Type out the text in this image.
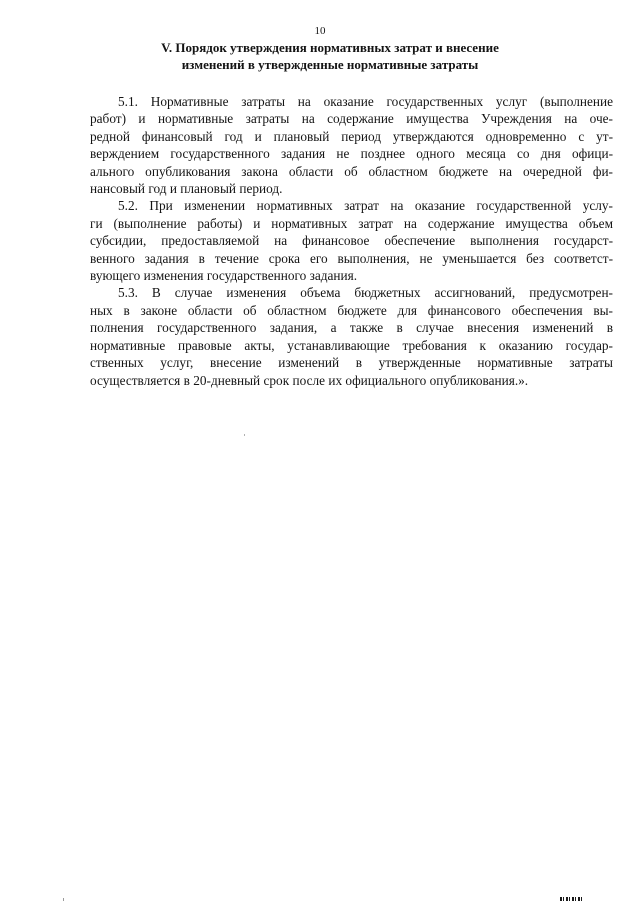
10
V. Порядок утверждения нормативных затрат и внесение
изменений в утвержденные нормативные затраты

5.1. Нормативные затраты на оказание государственных услуг (выполнение
работ) и нормативные затраты на содержание имущества Учреждения на оче-
редной финансовый год и плановый период утверждаются одновременно с ут-
верждением государственного задания не позднее одного месяца со дня офици-
ального опубликования закона области об областном бюджете на очередной фи-
нансовый год и плановый период.

5.2. При изменении нормативных затрат на оказание государственной услу-
ги (выполнение работы) и нормативных затрат на содержание имущества объем
субсидии, предоставляемой на финансовое обеспечение выполнения государст-
венного задания в течение срока его выполнения, не уменьшается без соответст-
вующего изменения государственного задания.

5.3. В случае изменения объема бюджетных ассигнований, предусмотрен-
ных в законе области об областном бюджете для финансового обеспечения вы-
полнения государственного задания, а также в случае внесения изменений в
нормативные правовые акты, устанавливающие требования к оказанию государ-
ственных услуг, внесение изменений в утвержденные нормативные затраты
осуществляется в 20-дневный срок после их официального опубликования.».
